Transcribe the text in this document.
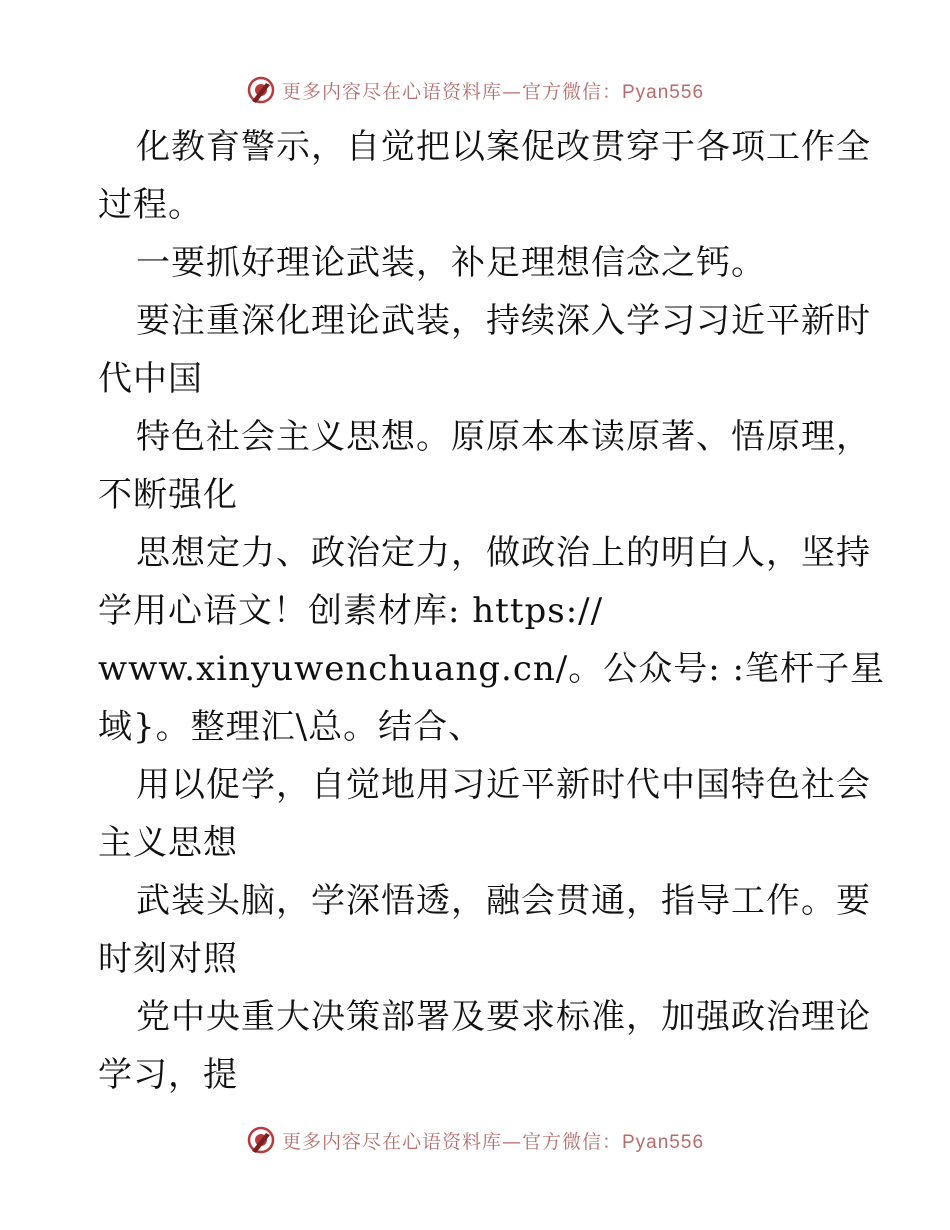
更多内容尽在心语资料库—官方微信：Pyan556
化教育警示，自觉把以案促改贯穿于各项工作全
过程。
一要抓好理论武装，补足理想信念之钙。
要注重深化理论武装，持续深入学习习近平新时
代中国
特色社会主义思想。原原本本读原著、悟原理，
不断强化
思想定力、政治定力，做政治上的明白人，坚持
学用心语文！创素材库: https://
www.xinyuwenchuang.cn/。公众号: :笔杆子星
域}。整理汇\总。结合、
用以促学，自觉地用习近平新时代中国特色社会
主义思想
武装头脑，学深悟透，融会贯通，指导工作。要
时刻对照
党中央重大决策部署及要求标准，加强政治理论
学习，提
更多内容尽在心语资料库—官方微信：Pyan556
